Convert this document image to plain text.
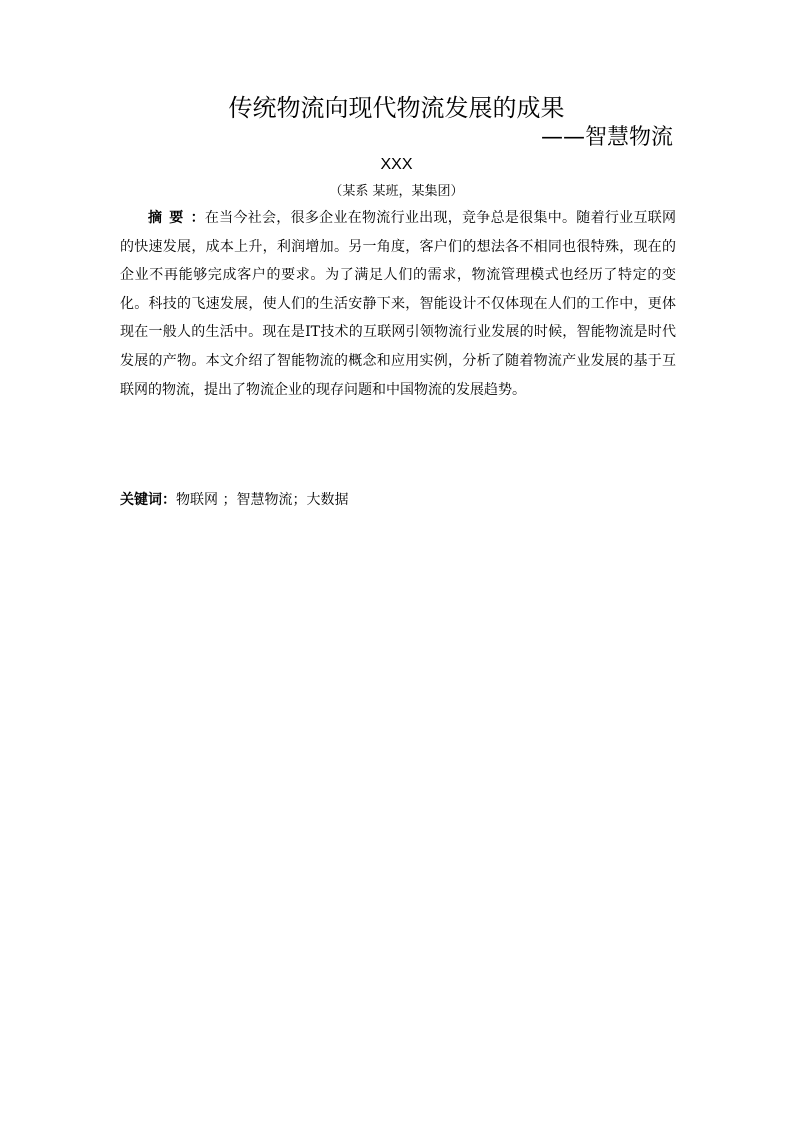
传统物流向现代物流发展的成果
——智慧物流
XXX
（某系 某班，某集团）

摘要：在当今社会，很多企业在物流行业出现，竞争总是很集中。随着行业互联网的快速发展，成本上升，利润增加。另一角度，客户们的想法各不相同也很特殊，现在的企业不再能够完成客户的要求。为了满足人们的需求，物流管理模式也经历了特定的变化。科技的飞速发展，使人们的生活安静下来，智能设计不仅体现在人们的工作中，更体现在一般人的生活中。现在是IT技术的互联网引领物流行业发展的时候，智能物流是时代发展的产物。本文介绍了智能物流的概念和应用实例，分析了随着物流产业发展的基于互联网的物流，提出了物流企业的现存问题和中国物流的发展趋势。

关键词：物联网 ；智慧物流；大数据
